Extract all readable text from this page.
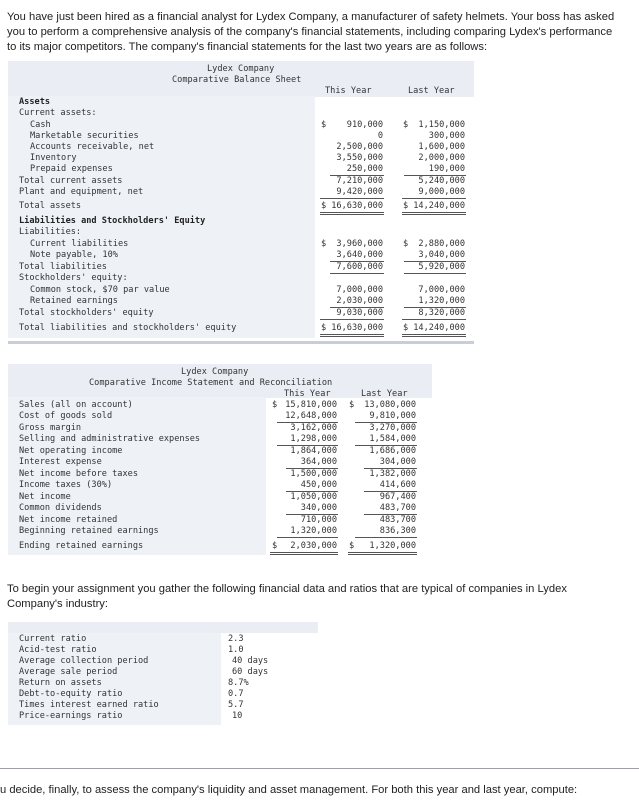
You have just been hired as a financial analyst for Lydex Company, a manufacturer of safety helmets. Your boss has asked
you to perform a comprehensive analysis of the company's financial statements, including comparing Lydex's performance
to its major competitors. The company's financial statements for the last two years are as follows:
Lydex Company
Comparative Balance Sheet
This Year	Last Year
Assets
Current assets:
Cash	$	910,000 $	1,150,000
Marketable securities	0	300,000
Accounts receivable, net	2,500,000	1,600,000
Inventory	3,550,000	2,000,000
Prepaid expenses	250,000	190,000
Total current assets	7,210,000	5,240,000
Plant and equipment, net	9,420,000	9,000,000
Total assets	$ 16,630,000 $ 14,240,000
Liabilities and Stockholders' Equity
Liabilities:
Current liabilities	$	3,960,000 $	2,880,000
Note payable, 10%	3,640,000	3,040,000
Total liabilities	7,600,000	5,920,000
Stockholders' equity:
Common stock, $70 par value	7,000,000	7,000,000
Retained earnings	2,030,000	1,320,000
Total stockholders' equity	9,030,000	8,320,000
Total liabilities and stockholders' equity	$ 16,630,000 $ 14,240,000
Lydex Company
Comparative Income Statement and Reconciliation
This Year	Last Year
Sales (all on account)	$ 15,810,000 $	13,080,000
Cost of goods sold	12,648,000	9,810,000
Gross margin	3,162,000	3,270,000
Selling and administrative expenses	1,298,000	1,584,000
Net operating income	1,864,000	1,686,000
Interest expense	364,000	304,000
Net income before taxes	1,500,000	1,382,000
Income taxes (30%)	450,000	414,600
Net income	1,050,000	967,400
Common dividends	340,000	483,700
Net income retained	710,000	483,700
Beginning retained earnings	1,320,000	836,300
Ending retained earnings	$	2,030,000 $	1,320,000
To begin your assignment you gather the following financial data and ratios that are typical of companies in Lydex
Company's industry:
Current ratio	2.3
Acid-test ratio	1.0
Average collection period	40 days
Average sale period	60 days
Return on assets	8.7%
Debt-to-equity ratio	0.7
Times interest earned ratio	5.7
Price-earnings ratio	10
u decide, finally, to assess the company's liquidity and asset management. For both this year and last year, compute:
